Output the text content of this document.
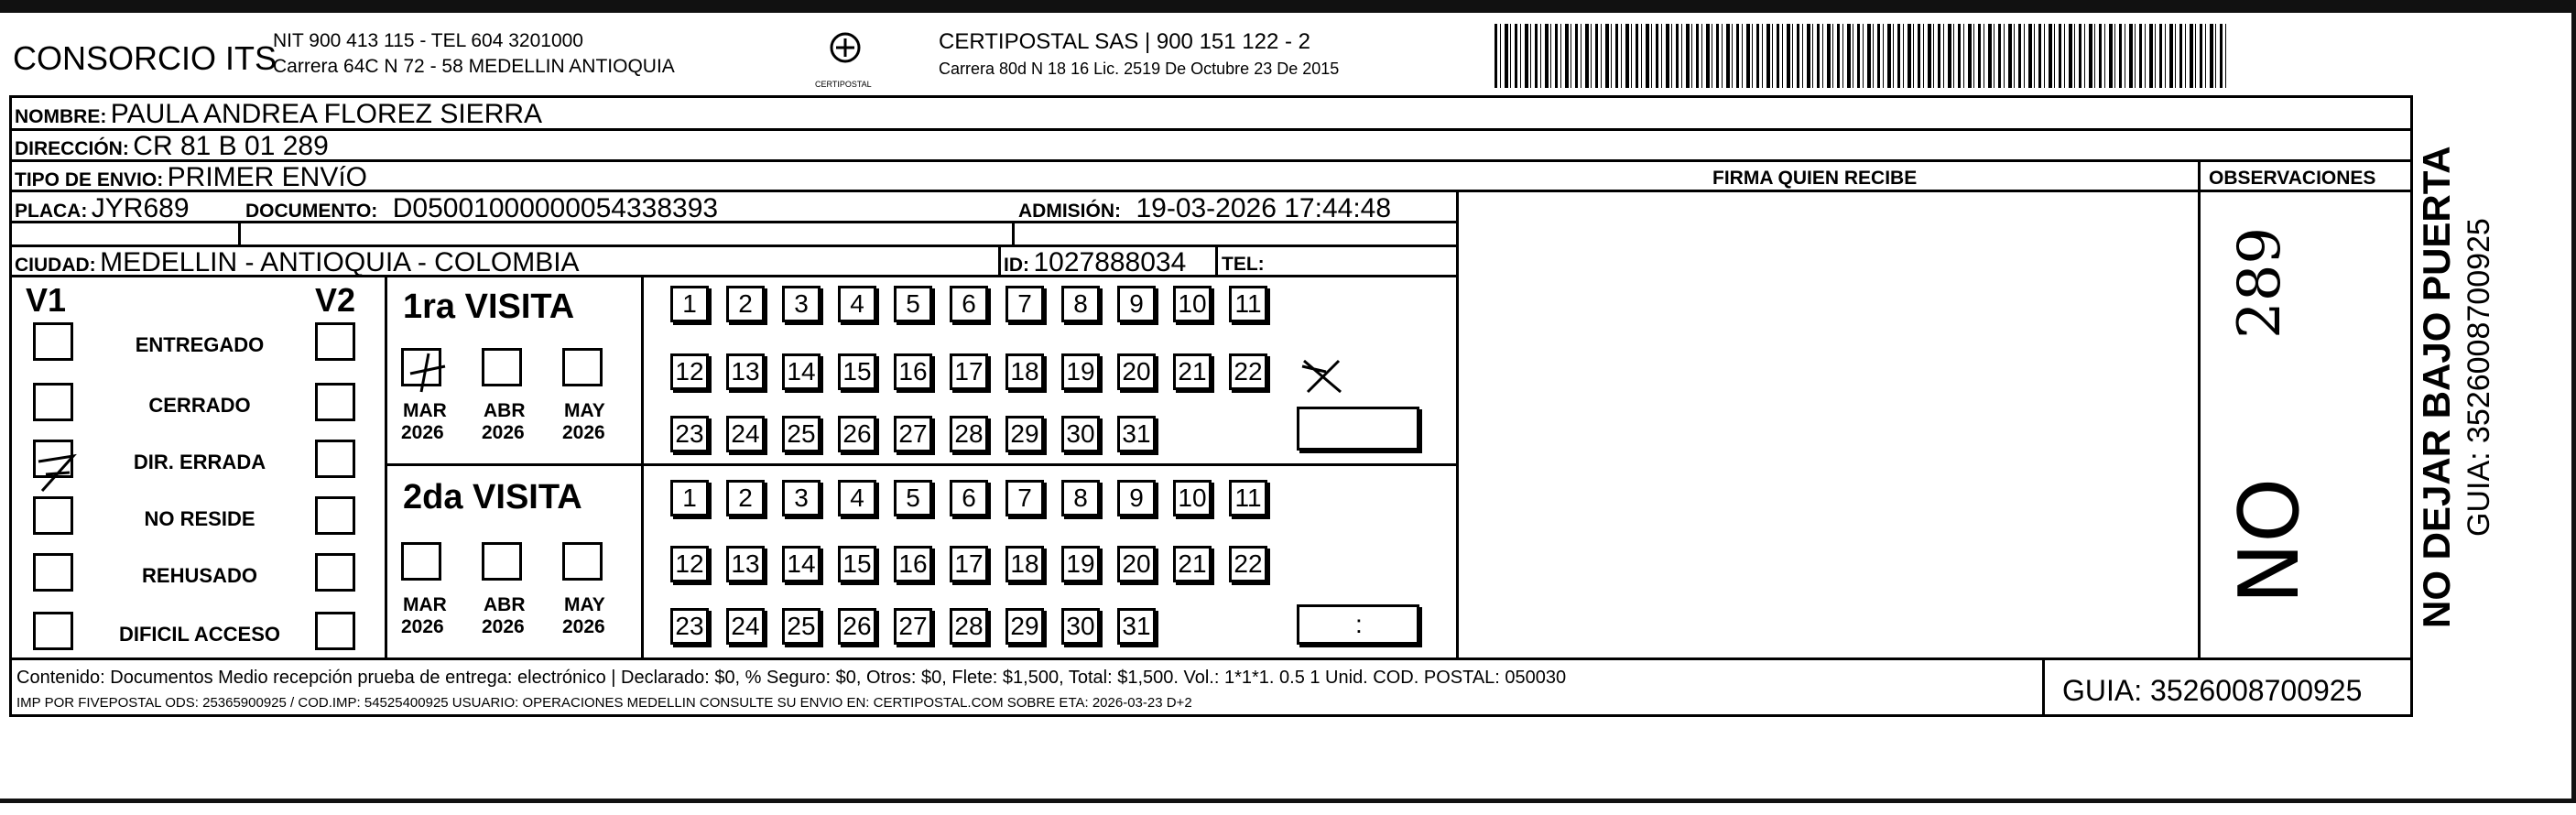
CONSORCIO ITS
NIT 900 413 115 - TEL 604 3201000
Carrera 64C N 72 - 58 MEDELLIN ANTIOQUIA
CERTIPOSTAL
CERTIPOSTAL SAS | 900 151 122 - 2
Carrera 80d N 18 16 Lic. 2519 De Octubre 23 De 2015
NOMBRE: PAULA ANDREA FLOREZ SIERRA
DIRECCIÓN: CR 81 B 01 289
TIPO DE ENVIO: PRIMER ENVíO	FIRMA QUIEN RECIBE	OBSERVACIONES
PLACA: JYR689	DOCUMENTO: D05001000000054338393	ADMISIÓN: 19-03-2026 17:44:48
CIUDAD: MEDELLIN - ANTIOQUIA - COLOMBIA	ID: 1027888034 TEL:
V1	V2
ENTREGADO
CERRADO
DIR. ERRADA
NO RESIDE
REHUSADO
DIFICIL ACCESO
1ra VISITA
2da VISITA
MAR
2026
ABR
2026
MAY
2026
MAR
2026
ABR
2026
MAY
2026
1	2	3	4	5	6	7	8	9	10 11
12 13 14 15 16 17 18 19 20 21 22
23 24 25 26 27 28 29 30 31
1	2	3	4	5	6	7	8	9	10 11
12 13 14 15 16 17 18 19 20 21 22
23 24 25 26 27 28 29 30 31	:
289
NO
Contenido: Documentos Medio recepción prueba de entrega: electrónico | Declarado: $0, % Seguro: $0, Otros: $0, Flete: $1,500, Total: $1,500. Vol.: 1*1*1. 0.5 1 Unid. COD. POSTAL: 050030
IMP POR FIVEPOSTAL ODS: 25365900925 / COD.IMP: 54525400925 USUARIO: OPERACIONES MEDELLIN CONSULTE SU ENVIO EN: CERTIPOSTAL.COM SOBRE ETA: 2026-03-23 D+2	GUIA: 3526008700925
NO DEJAR BAJO PUERTA GUIA: 3526008700925
